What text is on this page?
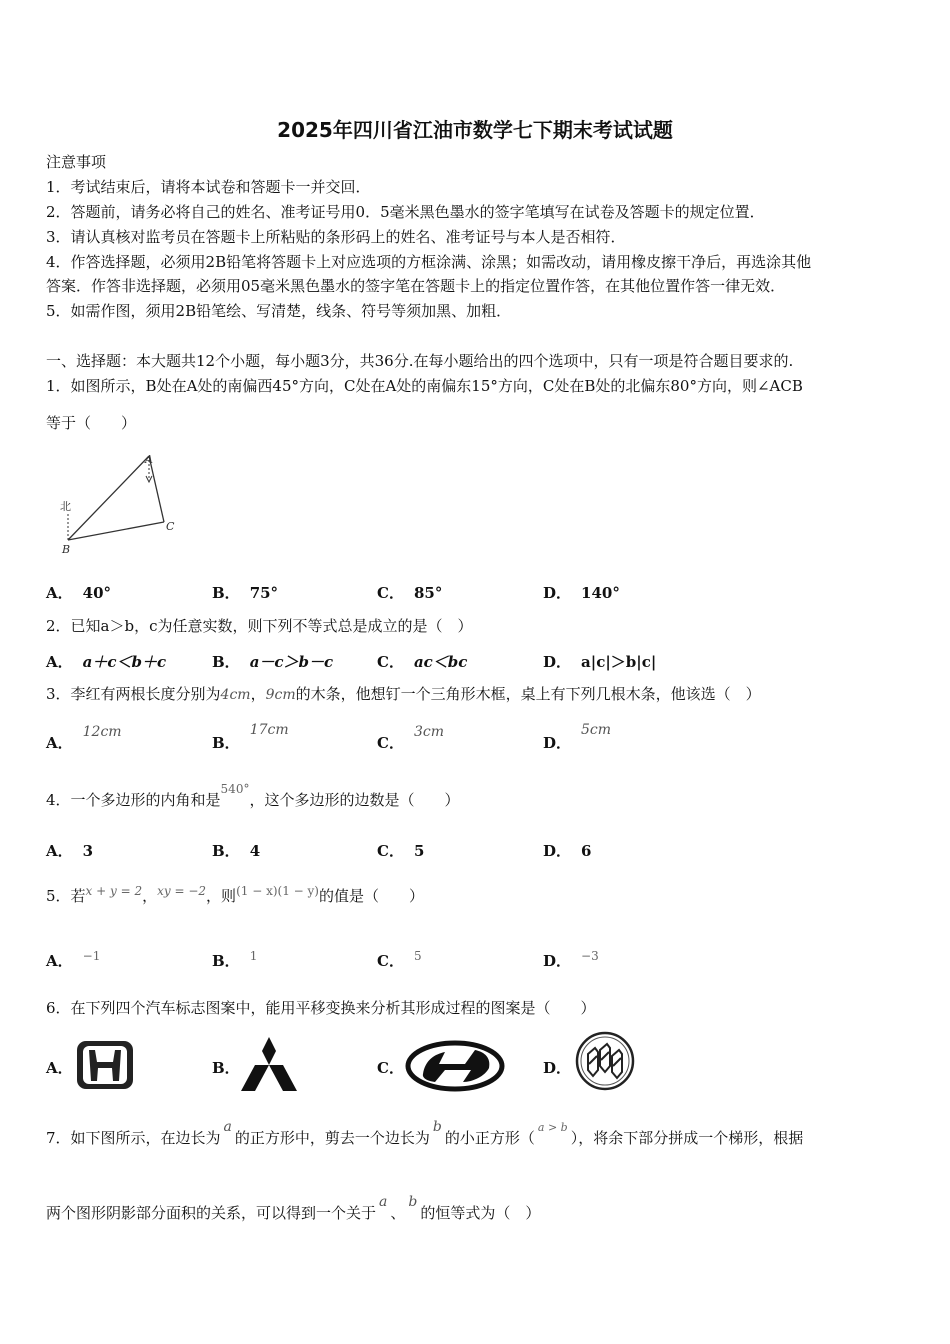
2025年四川省江油市数学七下期末考试试题
注意事项
1．考试结束后，请将本试卷和答题卡一并交回．
2．答题前，请务必将自己的姓名、准考证号用0．5毫米黑色墨水的签字笔填写在试卷及答题卡的规定位置．
3．请认真核对监考员在答题卡上所粘贴的条形码上的姓名、准考证号与本人是否相符．
4．作答选择题，必须用2B铅笔将答题卡上对应选项的方框涂满、涂黑；如需改动，请用橡皮擦干净后，再选涂其他
答案．作答非选择题，必须用05毫米黑色墨水的签字笔在答题卡上的指定位置作答，在其他位置作答一律无效．
5．如需作图，须用2B铅笔绘、写清楚，线条、符号等须加黑、加粗．
一、选择题：本大题共12个小题，每小题3分，共36分.在每小题给出的四个选项中，只有一项是符合题目要求的.
1．如图所示，B处在A处的南偏西45°方向，C处在A处的南偏东15°方向，C处在B处的北偏东80°方向，则∠ACB
等于（　　）
北
A
B
C
A． 40°	B． 75°	C． 85°	D． 140°
2．已知a＞b，c为任意实数，则下列不等式总是成立的是（　）
A． a＋c＜b＋c	B． a－c＞b－c	C． ac＜bc	D． a|c|＞b|c|
3．李红有两根长度分别为4cm，9cm的木条，他想钉一个三角形木框，桌上有下列几根木条，他该选（　）
A．12cm
B．17cm
C．3cm
D．5cm
4．一个多边形的内角和是$^{540^\circ}$，这个多边形的边数是（　　）
A． 3	B． 4	C． 5	D． 6
5．若$^{x + y = 2}$，$^{xy = -2}$，则$^{(1 - x)(1 - y)}$的值是（　　）
A． −1	B． 1	C． 5	D． −3
6．在下列四个汽车标志图案中，能用平移变换来分析其形成过程的图案是（　　）
A．	B．	C．	D．
7．如下图所示，在边长为a的正方形中，剪去一个边长为b的小正方形（$^{a > b}$），将余下部分拼成一个梯形，根据
两个图形阴影部分面积的关系，可以得到一个关于a、b的恒等式为（　）
